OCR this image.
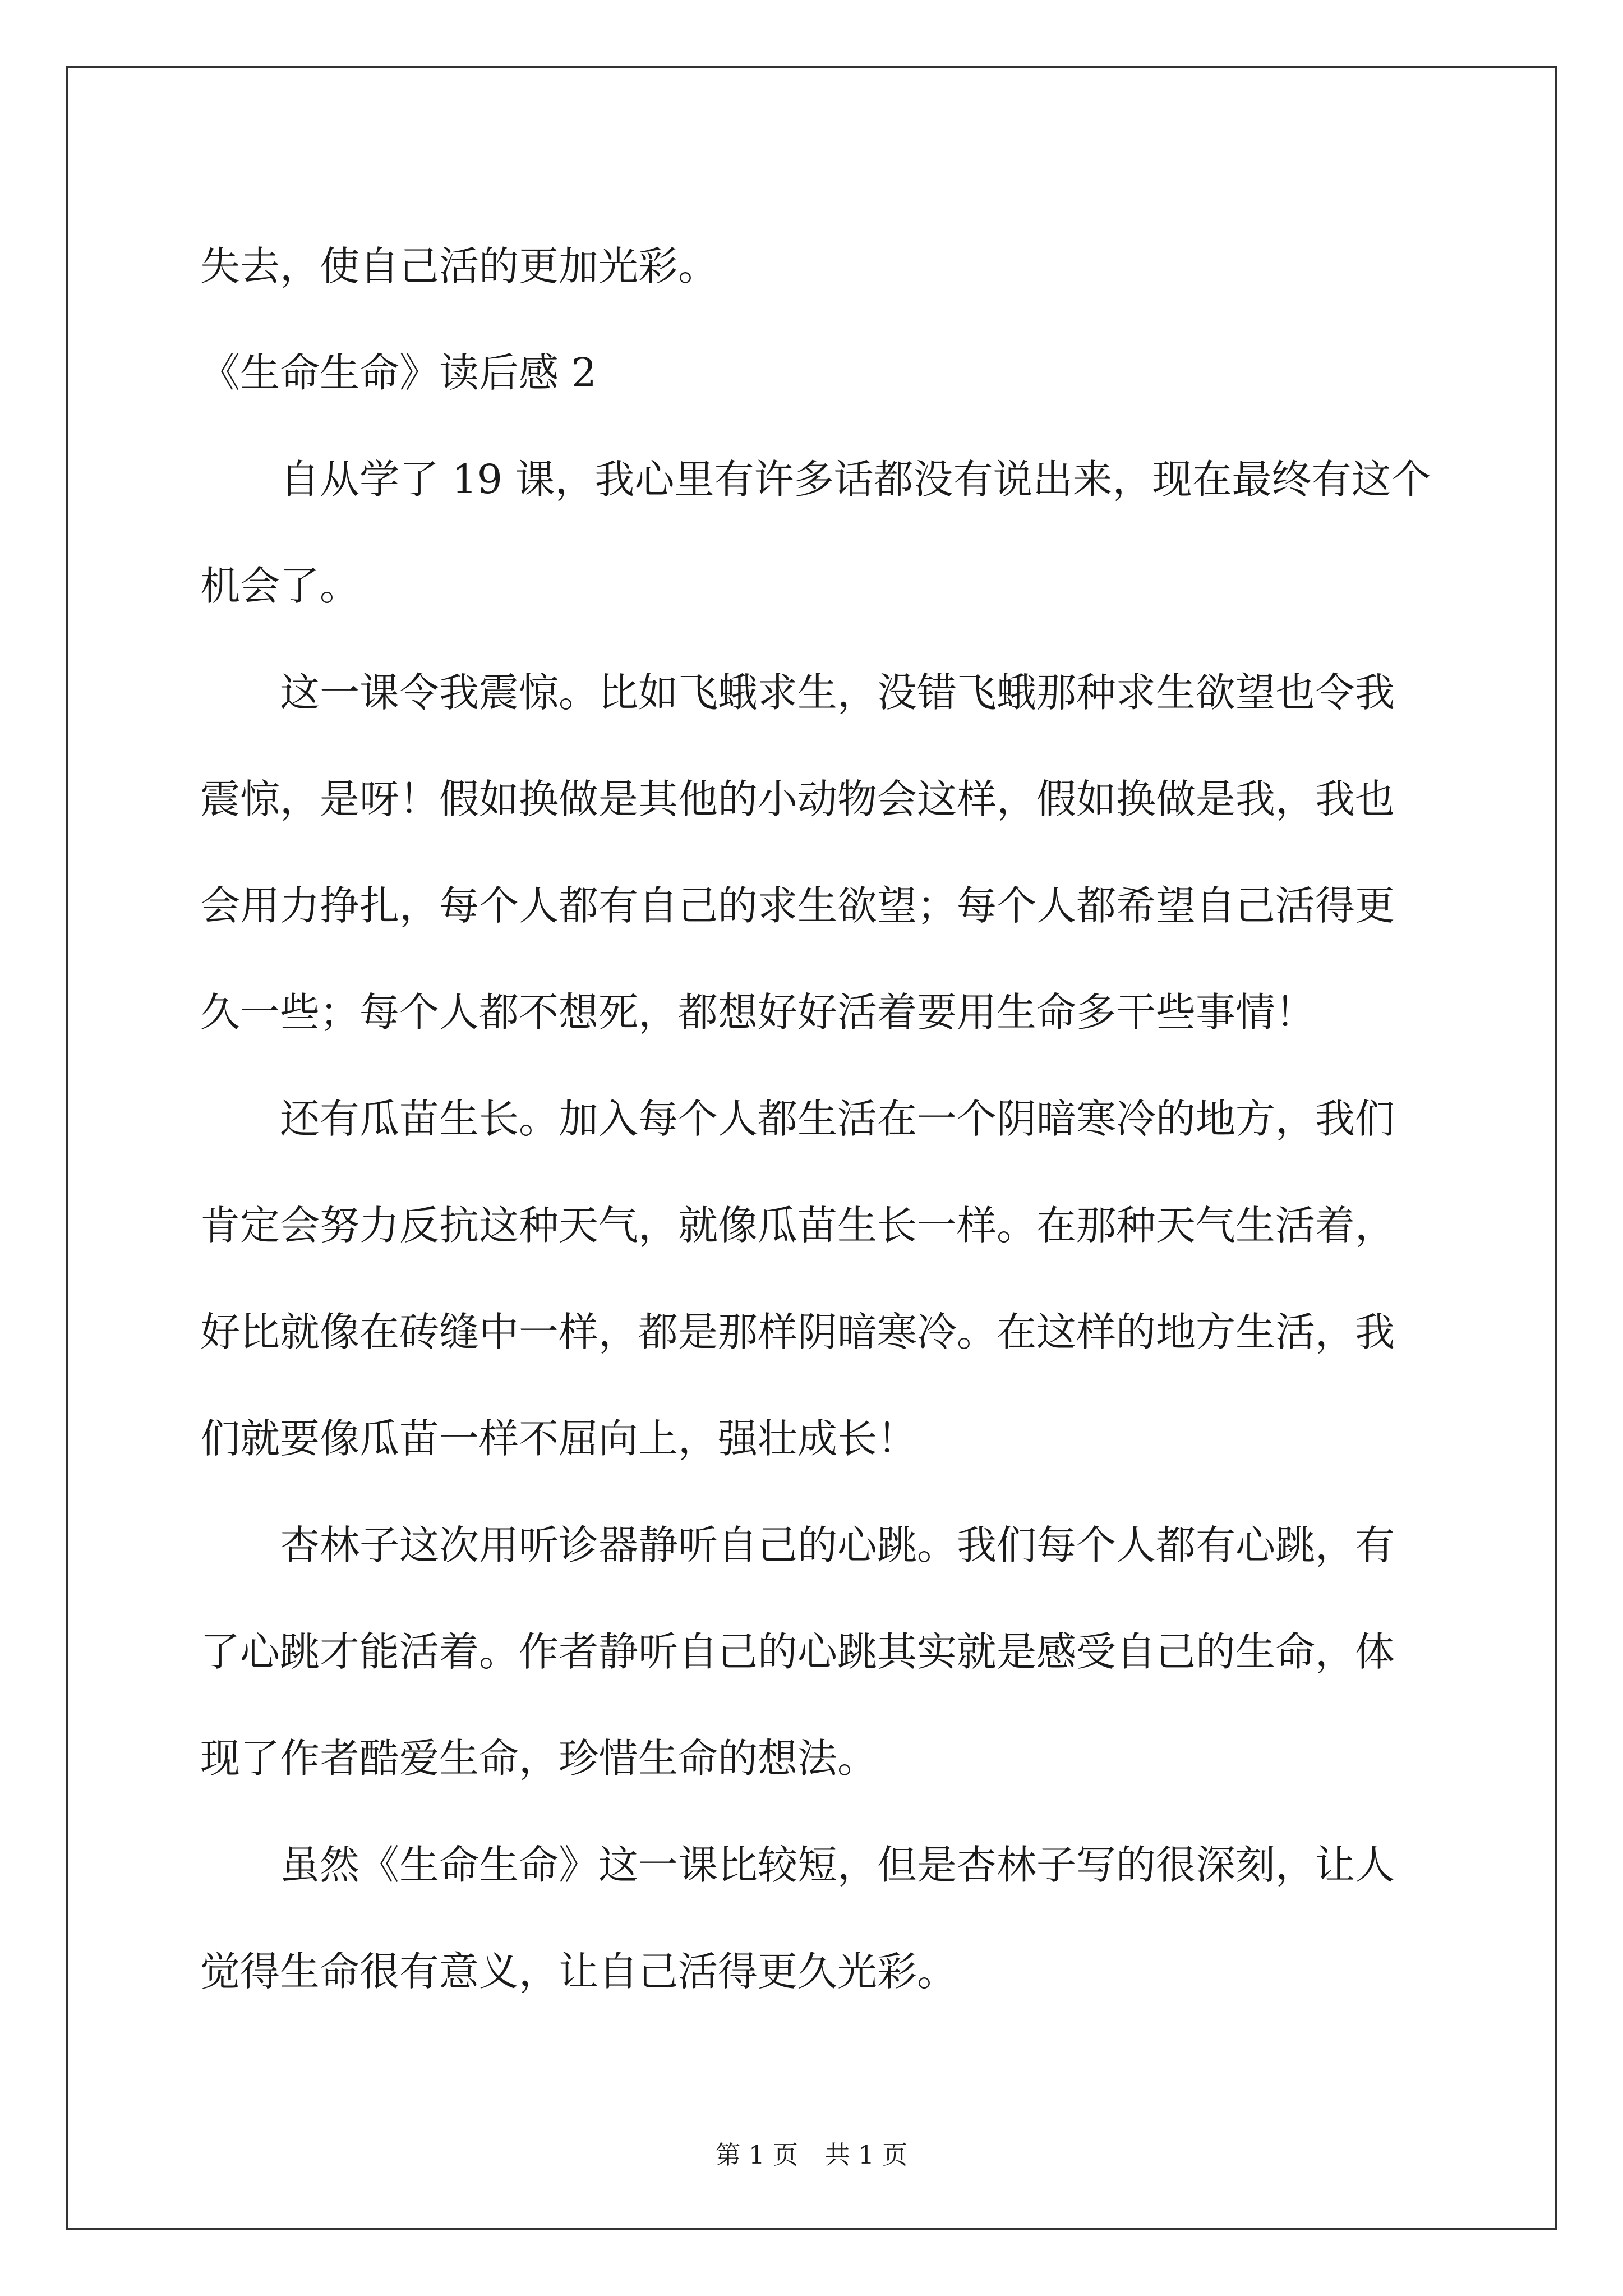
失去，使自己活的更加光彩。

《生命生命》读后感 2

自从学了 19 课，我心里有许多话都没有说出来，现在最终有这个

机会了。

这一课令我震惊。比如飞蛾求生，没错飞蛾那种求生欲望也令我

震惊，是呀！假如换做是其他的小动物会这样，假如换做是我，我也

会用力挣扎，每个人都有自己的求生欲望；每个人都希望自己活得更

久一些；每个人都不想死，都想好好活着要用生命多干些事情！

还有瓜苗生长。加入每个人都生活在一个阴暗寒冷的地方，我们

肯定会努力反抗这种天气，就像瓜苗生长一样。在那种天气生活着，

好比就像在砖缝中一样，都是那样阴暗寒冷。在这样的地方生活，我

们就要像瓜苗一样不屈向上，强壮成长！

杏林子这次用听诊器静听自己的心跳。我们每个人都有心跳，有

了心跳才能活着。作者静听自己的心跳其实就是感受自己的生命，体

现了作者酷爱生命，珍惜生命的想法。

虽然《生命生命》这一课比较短，但是杏林子写的很深刻，让人

觉得生命很有意义，让自己活得更久光彩。

第 1 页 共 1 页
